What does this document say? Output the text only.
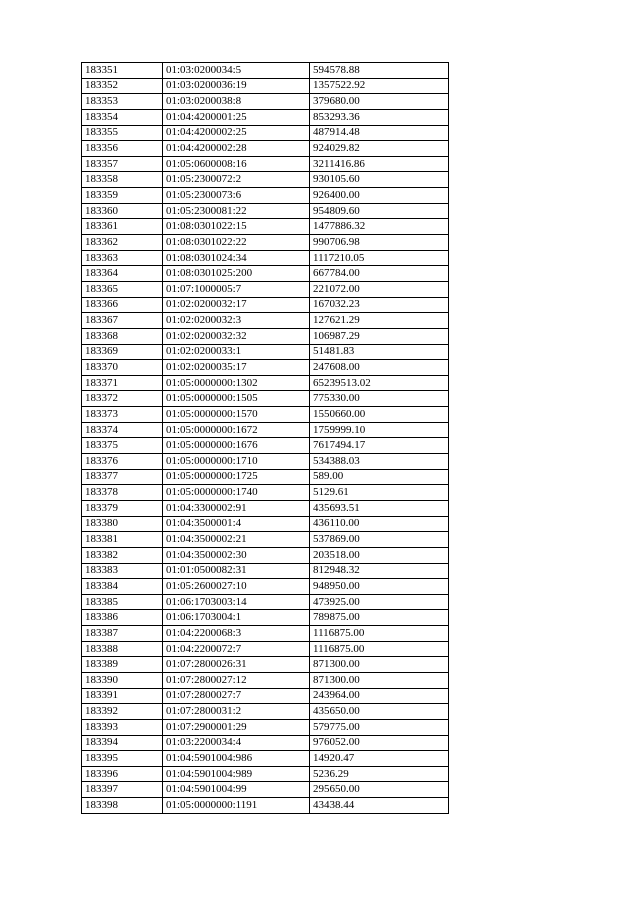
183351	01:03:0200034:5	594578.88
183352	01:03:0200036:19	1357522.92
183353	01:03:0200038:8	379680.00
183354	01:04:4200001:25	853293.36
183355	01:04:4200002:25	487914.48
183356	01:04:4200002:28	924029.82
183357	01:05:0600008:16	3211416.86
183358	01:05:2300072:2	930105.60
183359	01:05:2300073:6	926400.00
183360	01:05:2300081:22	954809.60
183361	01:08:0301022:15	1477886.32
183362	01:08:0301022:22	990706.98
183363	01:08:0301024:34	1117210.05
183364	01:08:0301025:200	667784.00
183365	01:07:1000005:7	221072.00
183366	01:02:0200032:17	167032.23
183367	01:02:0200032:3	127621.29
183368	01:02:0200032:32	106987.29
183369	01:02:0200033:1	51481.83
183370	01:02:0200035:17	247608.00
183371	01:05:0000000:1302	65239513.02
183372	01:05:0000000:1505	775330.00
183373	01:05:0000000:1570	1550660.00
183374	01:05:0000000:1672	1759999.10
183375	01:05:0000000:1676	7617494.17
183376	01:05:0000000:1710	534388.03
183377	01:05:0000000:1725	589.00
183378	01:05:0000000:1740	5129.61
183379	01:04:3300002:91	435693.51
183380	01:04:3500001:4	436110.00
183381	01:04:3500002:21	537869.00
183382	01:04:3500002:30	203518.00
183383	01:01:0500082:31	812948.32
183384	01:05:2600027:10	948950.00
183385	01:06:1703003:14	473925.00
183386	01:06:1703004:1	789875.00
183387	01:04:2200068:3	1116875.00
183388	01:04:2200072:7	1116875.00
183389	01:07:2800026:31	871300.00
183390	01:07:2800027:12	871300.00
183391	01:07:2800027:7	243964.00
183392	01:07:2800031:2	435650.00
183393	01:07:2900001:29	579775.00
183394	01:03:2200034:4	976052.00
183395	01:04:5901004:986	14920.47
183396	01:04:5901004:989	5236.29
183397	01:04:5901004:99	295650.00
183398	01:05:0000000:1191	43438.44
